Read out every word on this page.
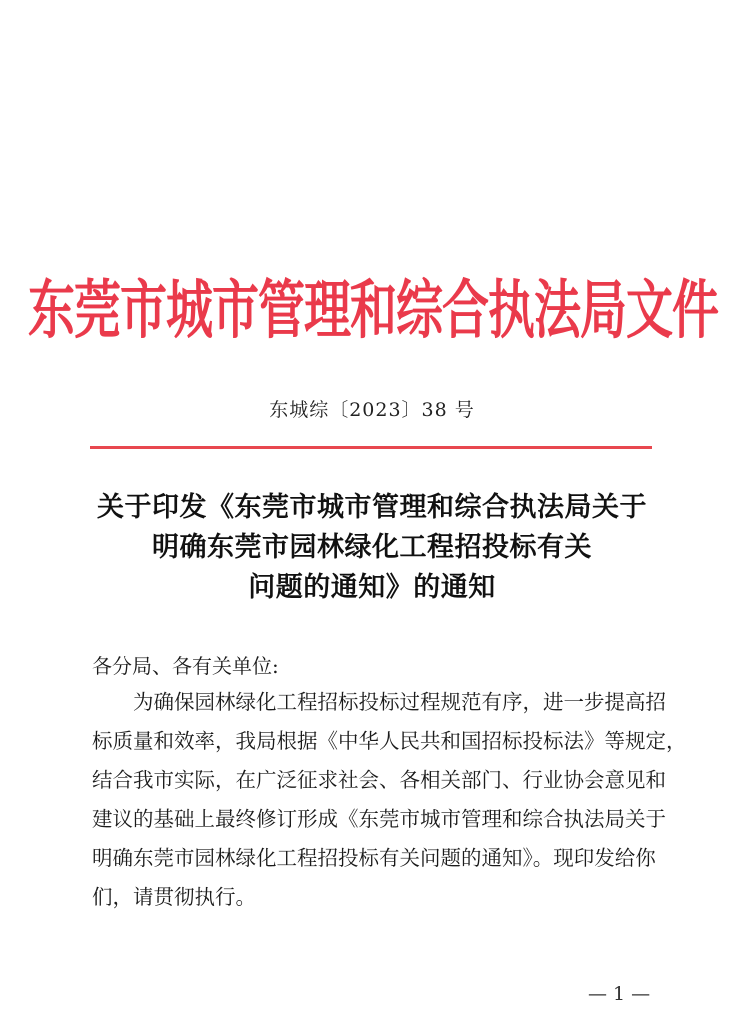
东莞市城市管理和综合执法局文件
东城综〔2023〕38 号
关于印发《东莞市城市管理和综合执法局关于
明确东莞市园林绿化工程招投标有关
问题的通知》的通知
各分局、各有关单位:
为确保园林绿化工程招标投标过程规范有序，进一步提高招
标质量和效率，我局根据《中华人民共和国招标投标法》等规定，
结合我市实际，在广泛征求社会、各相关部门、行业协会意见和
建议的基础上最终修订形成《东莞市城市管理和综合执法局关于
明确东莞市园林绿化工程招投标有关问题的通知》。现印发给你
们，请贯彻执行。
— 1 —
